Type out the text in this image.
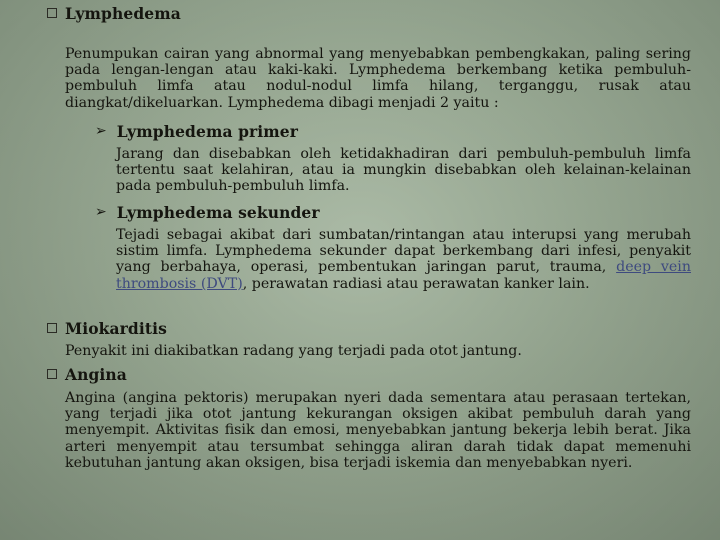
Lymphedema
Penumpukan cairan yang abnormal yang menyebabkan pembengkakan, paling sering pada lengan-lengan atau kaki-kaki. Lymphedema berkembang ketika pembuluh-pembuluh limfa atau nodul-nodul limfa hilang, terganggu, rusak atau diangkat/dikeluarkan. Lymphedema dibagi menjadi 2 yaitu :
➢ Lymphedema primer
Jarang dan disebabkan oleh ketidakhadiran dari pembuluh-pembuluh limfa tertentu saat kelahiran, atau ia mungkin disebabkan oleh kelainan-kelainan pada pembuluh-pembuluh limfa.
➢ Lymphedema sekunder
Tejadi sebagai akibat dari sumbatan/rintangan atau interupsi yang merubah sistim limfa. Lymphedema sekunder dapat berkembang dari infesi, penyakit yang berbahaya, operasi, pembentukan jaringan parut, trauma, deep vein thrombosis (DVT), perawatan radiasi atau perawatan kanker lain.
Miokarditis
Penyakit ini diakibatkan radang yang terjadi pada otot jantung.
Angina
Angina (angina pektoris) merupakan nyeri dada sementara atau perasaan tertekan, yang terjadi jika otot jantung kekurangan oksigen akibat pembuluh darah yang menyempit. Aktivitas fisik dan emosi, menyebabkan jantung bekerja lebih berat. Jika arteri menyempit atau tersumbat sehingga aliran darah tidak dapat memenuhi kebutuhan jantung akan oksigen, bisa terjadi iskemia dan menyebabkan nyeri.
